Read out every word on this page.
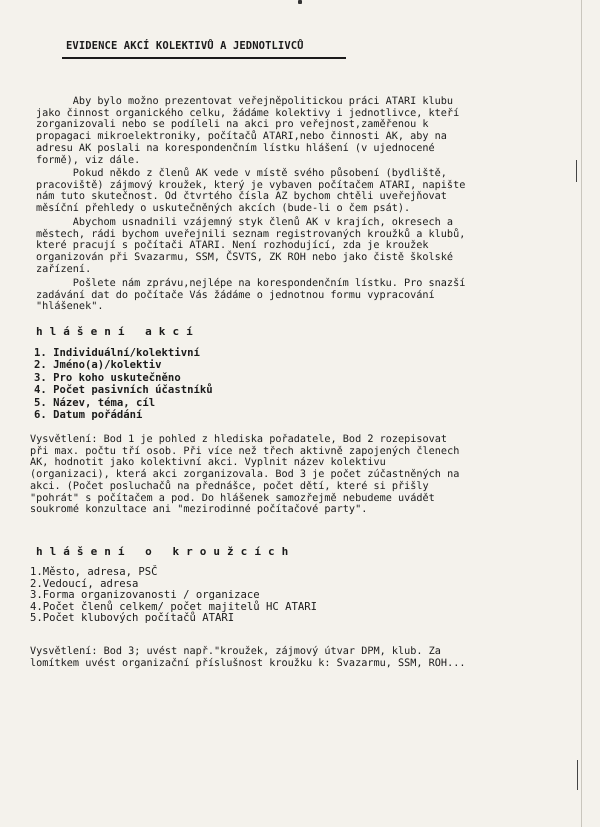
EVIDENCE AKCÍ KOLEKTIVŮ A JEDNOTLIVCŮ
Aby bylo možno prezentovat veřejněpolitickou práci ATARI klubu
jako činnost organického celku, žádáme kolektivy i jednotlivce, kteří
zorganizovali nebo se podíleli na akci pro veřejnost,zaměřenou k
propagaci mikroelektroniky, počítačů ATARI,nebo činnosti AK, aby na
adresu AK poslali na korespondenčním lístku hlášení (v ujednocené
formě), viz dále.
Pokud někdo z členů AK vede v místě svého působení (bydliště,
pracoviště) zájmový kroužek, který je vybaven počítačem ATARI, napište
nám tuto skutečnost. Od čtvrtého čísla AZ bychom chtěli uveřejňovat
měsíční přehledy o uskutečněných akcích (bude-li o čem psát).
Abychom usnadnili vzájemný styk členů AK v krajích, okresech a
městech, rádi bychom uveřejnili seznam registrovaných kroužků a klubů,
které pracují s počítači ATARI. Není rozhodující, zda je kroužek
organizován při Svazarmu, SSM, ČSVTS, ZK ROH nebo jako čistě školské
zařízení.
Pošlete nám zprávu,nejlépe na korespondenčním lístku. Pro snazší
zadávání dat do počítače Vás žádáme o jednotnou formu vypracování
"hlášenek".
h l á š e n í   a k c í
1. Individuální/kolektivní
2. Jméno(a)/kolektiv
3. Pro koho uskutečněno
4. Počet pasivních účastníků
5. Název, téma, cíl
6. Datum pořádání
Vysvětlení: Bod 1 je pohled z hlediska pořadatele, Bod 2 rozepisovat
při max. počtu tří osob. Při více než třech aktivně zapojených členech
AK, hodnotit jako kolektivní akci. Vyplnit název kolektivu
(organizaci), která akci zorganizovala. Bod 3 je počet zúčastněných na
akci. (Počet posluchačů na přednášce, počet dětí, které si přišly
"pohrát" s počítačem a pod. Do hlášenek samozřejmě nebudeme uvádět
soukromé konzultace ani "mezirodinné počítačové party".
h l á š e n í   o   k r o u ž c í c h
1.Město, adresa, PSČ
2.Vedoucí, adresa
3.Forma organizovanosti / organizace
4.Počet členů celkem/ počet majitelů HC ATARI
5.Počet klubových počítačů ATARI
Vysvětlení: Bod 3; uvést např."kroužek, zájmový útvar DPM, klub. Za
lomítkem uvést organizační příslušnost kroužku k: Svazarmu, SSM, ROH...
